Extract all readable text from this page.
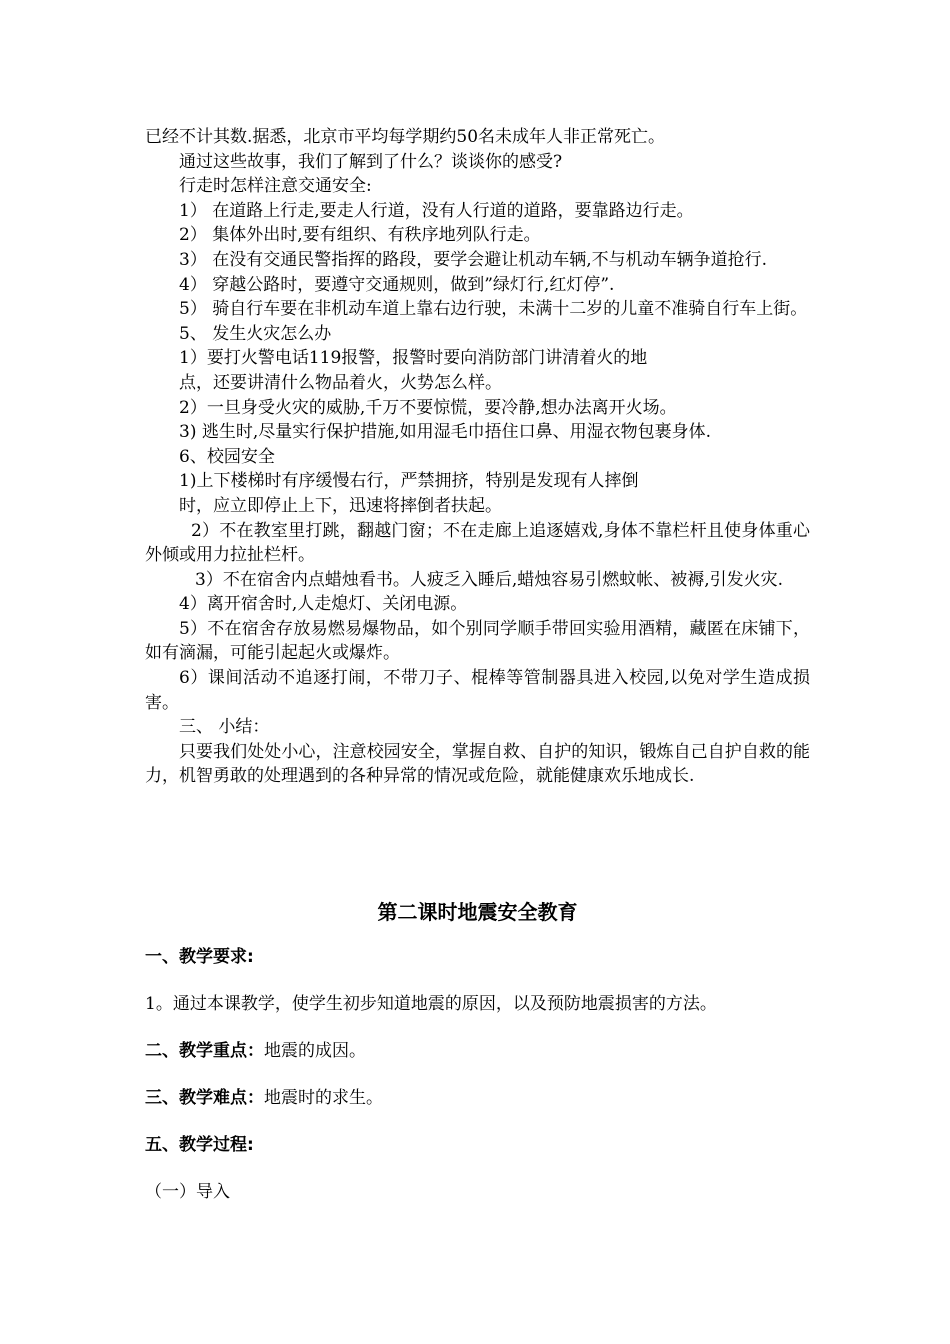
已经不计其数.据悉，北京市平均每学期约50名未成年人非正常死亡。

通过这些故事，我们了解到了什么？谈谈你的感受?

行走时怎样注意交通安全:

1） 在道路上行走,要走人行道，没有人行道的道路，要靠路边行走。

2） 集体外出时,要有组织、有秩序地列队行走。

3） 在没有交通民警指挥的路段，要学会避让机动车辆,不与机动车辆争道抢行.

4） 穿越公路时，要遵守交通规则，做到”绿灯行,红灯停”.

5） 骑自行车要在非机动车道上靠右边行驶，未满十二岁的儿童不准骑自行车上街。

5、 发生火灾怎么办

1）要打火警电话119报警，报警时要向消防部门讲清着火的地

点，还要讲清什么物品着火，火势怎么样。

2）一旦身受火灾的威胁,千万不要惊慌，要冷静,想办法离开火场。

3) 逃生时,尽量实行保护措施,如用湿毛巾捂住口鼻、用湿衣物包裹身体.

6、校园安全

1)上下楼梯时有序缓慢右行，严禁拥挤，特别是发现有人摔倒

时，应立即停止上下，迅速将摔倒者扶起。

2）不在教室里打跳，翻越门窗；不在走廊上追逐嬉戏,身体不靠栏杆且使身体重心外倾或用力拉扯栏杆。

3）不在宿舍内点蜡烛看书。人疲乏入睡后,蜡烛容易引燃蚊帐、被褥,引发火灾.

4）离开宿舍时,人走熄灯、关闭电源。

5）不在宿舍存放易燃易爆物品，如个别同学顺手带回实验用酒精，藏匿在床铺下，如有滴漏，可能引起起火或爆炸。

6）课间活动不追逐打闹，不带刀子、棍棒等管制器具进入校园,以免对学生造成损害。

三、 小结：

只要我们处处小心，注意校园安全，掌握自救、自护的知识，锻炼自己自护自救的能力，机智勇敢的处理遇到的各种异常的情况或危险，就能健康欢乐地成长.

第二课时地震安全教育

一、教学要求:

1。通过本课教学，使学生初步知道地震的原因，以及预防地震损害的方法。

二、教学重点：地震的成因。

三、教学难点：地震时的求生。

五、教学过程:

（一）导入
